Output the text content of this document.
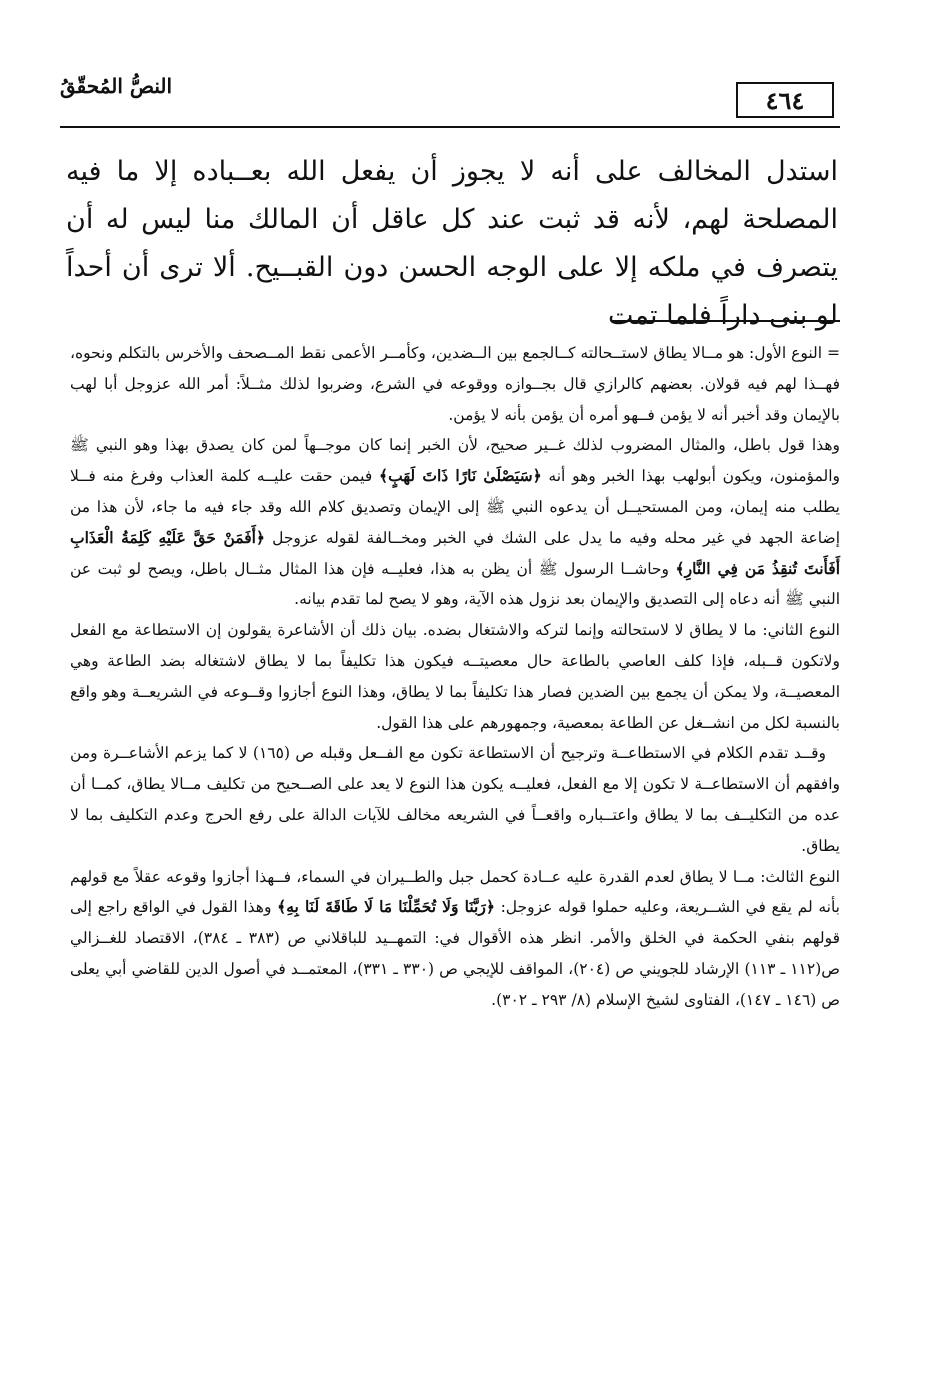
النصُّ المُحقّقُ	٤٦٤

استدل المخالف على أنه لا يجوز أن يفعل الله بعــباده إلا ما فيه المصلحة لهم، لأنه قد ثبت عند كل عاقل أن المالك منا ليس له أن يتصرف في ملكه إلا على الوجه الحسن دون القبــيح. ألا ترى أن أحداً لو بنى داراً فلما تمت

= النوع الأول: هو مــالا يطاق لاستــحالته كــالجمع بين الــضدين، وكأمــر الأعمى نقط المــصحف والأخرس بالتكلم ونحوه، فهــذا لهم فيه قولان. بعضهم كالرازي قال بجــوازه ووقوعه في الشرع، وضربوا لذلك مثــلاً: أمر الله عزوجل أبا لهب بالإيمان وقد أخبر أنه لا يؤمن فــهو أمره أن يؤمن بأنه لا يؤمن.

وهذا قول باطل، والمثال المضروب لذلك غــير صحيح، لأن الخبر إنما كان موجــهاً لمن كان يصدق بهذا وهو النبي ﷺ والمؤمنون، ويكون أبولهب بهذا الخبر وهو أنه ﴿سَيَصْلَىٰ نَارًا ذَاتَ لَهَبٍ﴾ فيمن حقت عليــه كلمة العذاب وفرغ منه فــلا يطلب منه إيمان، ومن المستحيــل أن يدعوه النبي ﷺ إلى الإيمان وتصديق كلام الله وقد جاء فيه ما جاء، لأن هذا من إضاعة الجهد في غير محله وفيه ما يدل على الشك في الخبر ومخــالفة لقوله عزوجل ﴿أَفَمَنْ حَقَّ عَلَيْهِ كَلِمَةُ الْعَذَابِ أَفَأَنتَ تُنقِذُ مَن فِي النَّارِ﴾ وحاشــا الرسول ﷺ أن يظن به هذا، فعليــه فإن هذا المثال مثــال باطل، ويصح لو ثبت عن النبي ﷺ أنه دعاه إلى التصديق والإيمان بعد نزول هذه الآية، وهو لا يصح لما تقدم بيانه.

النوع الثاني: ما لا يطاق لا لاستحالته وإنما لتركه والاشتغال بضده. بيان ذلك أن الأشاعرة يقولون إن الاستطاعة مع الفعل ولاتكون قــبله، فإذا كلف العاصي بالطاعة حال معصيتــه فيكون هذا تكليفاً بما لا يطاق لاشتغاله بضد الطاعة وهي المعصيــة، ولا يمكن أن يجمع بين الضدين فصار هذا تكليفاً بما لا يطاق، وهذا النوع أجازوا وقــوعه في الشريعــة وهو واقع بالنسبة لكل من انشــغل عن الطاعة بمعصية، وجمهورهم على هذا القول.

وقــد تقدم الكلام في الاستطاعــة وترجيح أن الاستطاعة تكون مع الفــعل وقبله ص (١٦٥) لا كما يزعم الأشاعــرة ومن وافقهم أن الاستطاعــة لا تكون إلا مع الفعل، فعليــه يكون هذا النوع لا يعد على الصــحيح من تكليف مــالا يطاق، كمــا أن عده من التكليــف بما لا يطاق واعتــباره واقعــاً في الشريعه مخالف للآيات الدالة على رفع الحرج وعدم التكليف بما لا يطاق.

النوع الثالث: مــا لا يطاق لعدم القدرة عليه عــادة كحمل جبل والطــيران في السماء، فــهذا أجازوا وقوعه عقلاً مع قولهم بأنه لم يقع في الشــريعة، وعليه حملوا قوله عزوجل: ﴿رَبَّنَا وَلَا تُحَمِّلْنَا مَا لَا طَاقَةَ لَنَا بِهِ﴾ وهذا القول في الواقع راجع إلى قولهم بنفي الحكمة في الخلق والأمر. انظر هذه الأقوال في: التمهــيد للباقلاني ص (٣٨٣ ـ ٣٨٤)، الاقتصاد للغــزالي ص(١١٢ ـ ١١٣) الإرشاد للجويني ص (٢٠٤)، المواقف للإيجي ص (٣٣٠ ـ ٣٣١)، المعتمــد في أصول الدين للقاضي أبي يعلى ص (١٤٦ ـ ١٤٧)، الفتاوى لشيخ الإسلام (٨/ ٢٩٣ ـ ٣٠٢).
